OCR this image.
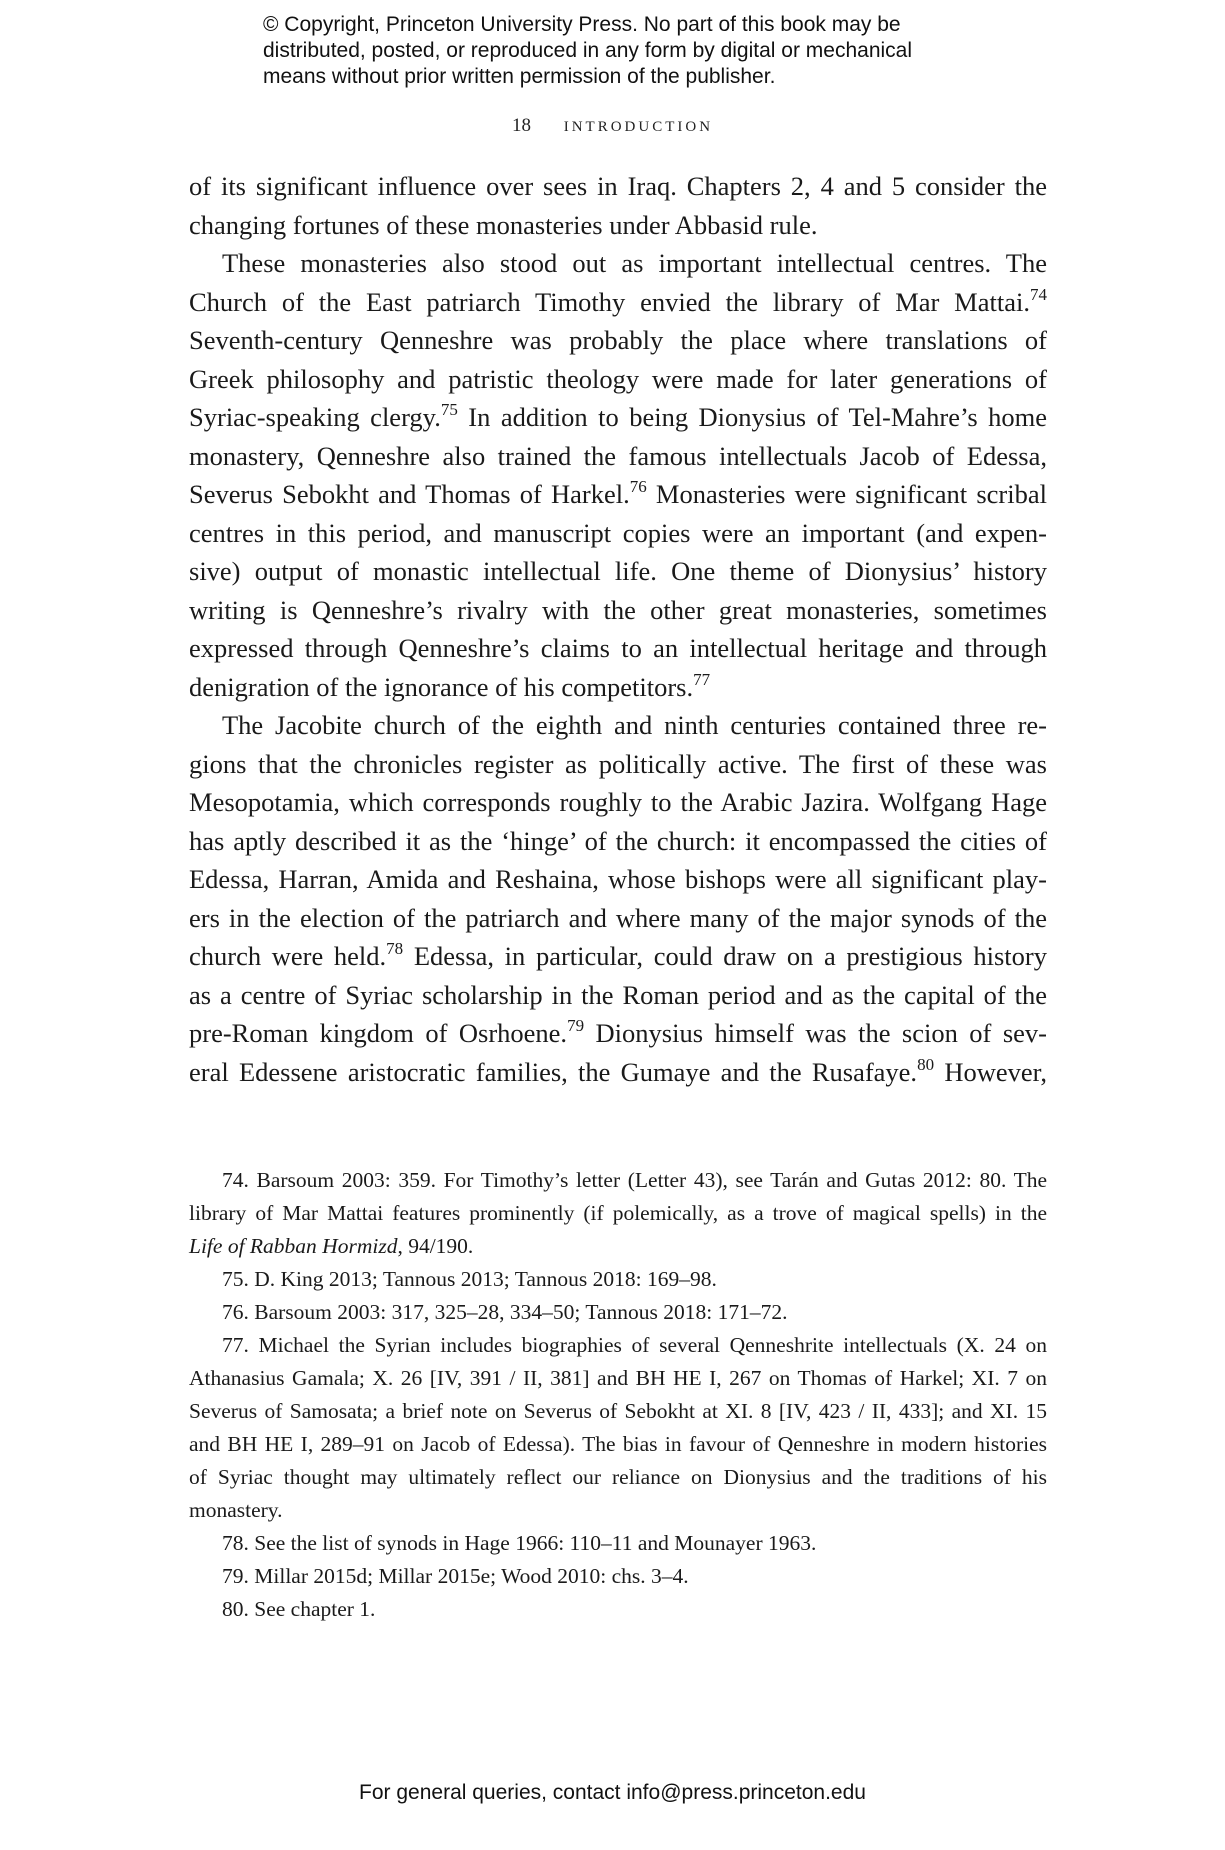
© Copyright, Princeton University Press. No part of this book may be
distributed, posted, or reproduced in any form by digital or mechanical
means without prior written permission of the publisher.
18 introduction
of its significant influence over sees in Iraq. Chapters 2, 4 and 5 consider the
changing fortunes of these monasteries under Abbasid rule.
These monasteries also stood out as important intellectual centres. The
Church of the East patriarch Timothy envied the library of Mar Mattai.$^{74}$
Seventh-century Qenneshre was probably the place where translations of
Greek philosophy and patristic theology were made for later generations of
Syriac-speaking clergy.$^{75}$ In addition to being Dionysius of Tel-Mahre’s home
monastery, Qenneshre also trained the famous intellectuals Jacob of Edessa,
Severus Sebokht and Thomas of Harkel.$^{76}$ Monasteries were significant scribal
centres in this period, and manuscript copies were an important (and expen-
sive) output of monastic intellectual life. One theme of Dionysius’ history
writing is Qenneshre’s rivalry with the other great monasteries, sometimes
expressed through Qenneshre’s claims to an intellectual heritage and through
denigration of the ignorance of his competitors.$^{77}$
The Jacobite church of the eighth and ninth centuries contained three re-
gions that the chronicles register as politically active. The first of these was
Mesopotamia, which corresponds roughly to the Arabic Jazira. Wolfgang Hage
has aptly described it as the ‘hinge’ of the church: it encompassed the cities of
Edessa, Harran, Amida and Reshaina, whose bishops were all significant play-
ers in the election of the patriarch and where many of the major synods of the
church were held.$^{78}$ Edessa, in particular, could draw on a prestigious history
as a centre of Syriac scholarship in the Roman period and as the capital of the
pre-Roman kingdom of Osrhoene.$^{79}$ Dionysius himself was the scion of sev-
eral Edessene aristocratic families, the Gumaye and the Rusafaye.$^{80}$ However,
74. Barsoum 2003: 359. For Timothy’s letter (Letter 43), see Tarán and Gutas 2012: 80. The
library of Mar Mattai features prominently (if polemically, as a trove of magical spells) in the
Life of Rabban Hormizd, 94/190.
75. D. King 2013; Tannous 2013; Tannous 2018: 169–98.
76. Barsoum 2003: 317, 325–28, 334–50; Tannous 2018: 171–72.
77. Michael the Syrian includes biographies of several Qenneshrite intellectuals (X. 24 on
Athanasius Gamala; X. 26 [IV, 391 / II, 381] and BH HE I, 267 on Thomas of Harkel; XI. 7 on
Severus of Samosata; a brief note on Severus of Sebokht at XI. 8 [IV, 423 / II, 433]; and XI. 15
and BH HE I, 289–91 on Jacob of Edessa). The bias in favour of Qenneshre in modern histories
of Syriac thought may ultimately reflect our reliance on Dionysius and the traditions of his
monastery.
78. See the list of synods in Hage 1966: 110–11 and Mounayer 1963.
79. Millar 2015d; Millar 2015e; Wood 2010: chs. 3–4.
80. See chapter 1.
For general queries, contact info@press.princeton.edu
